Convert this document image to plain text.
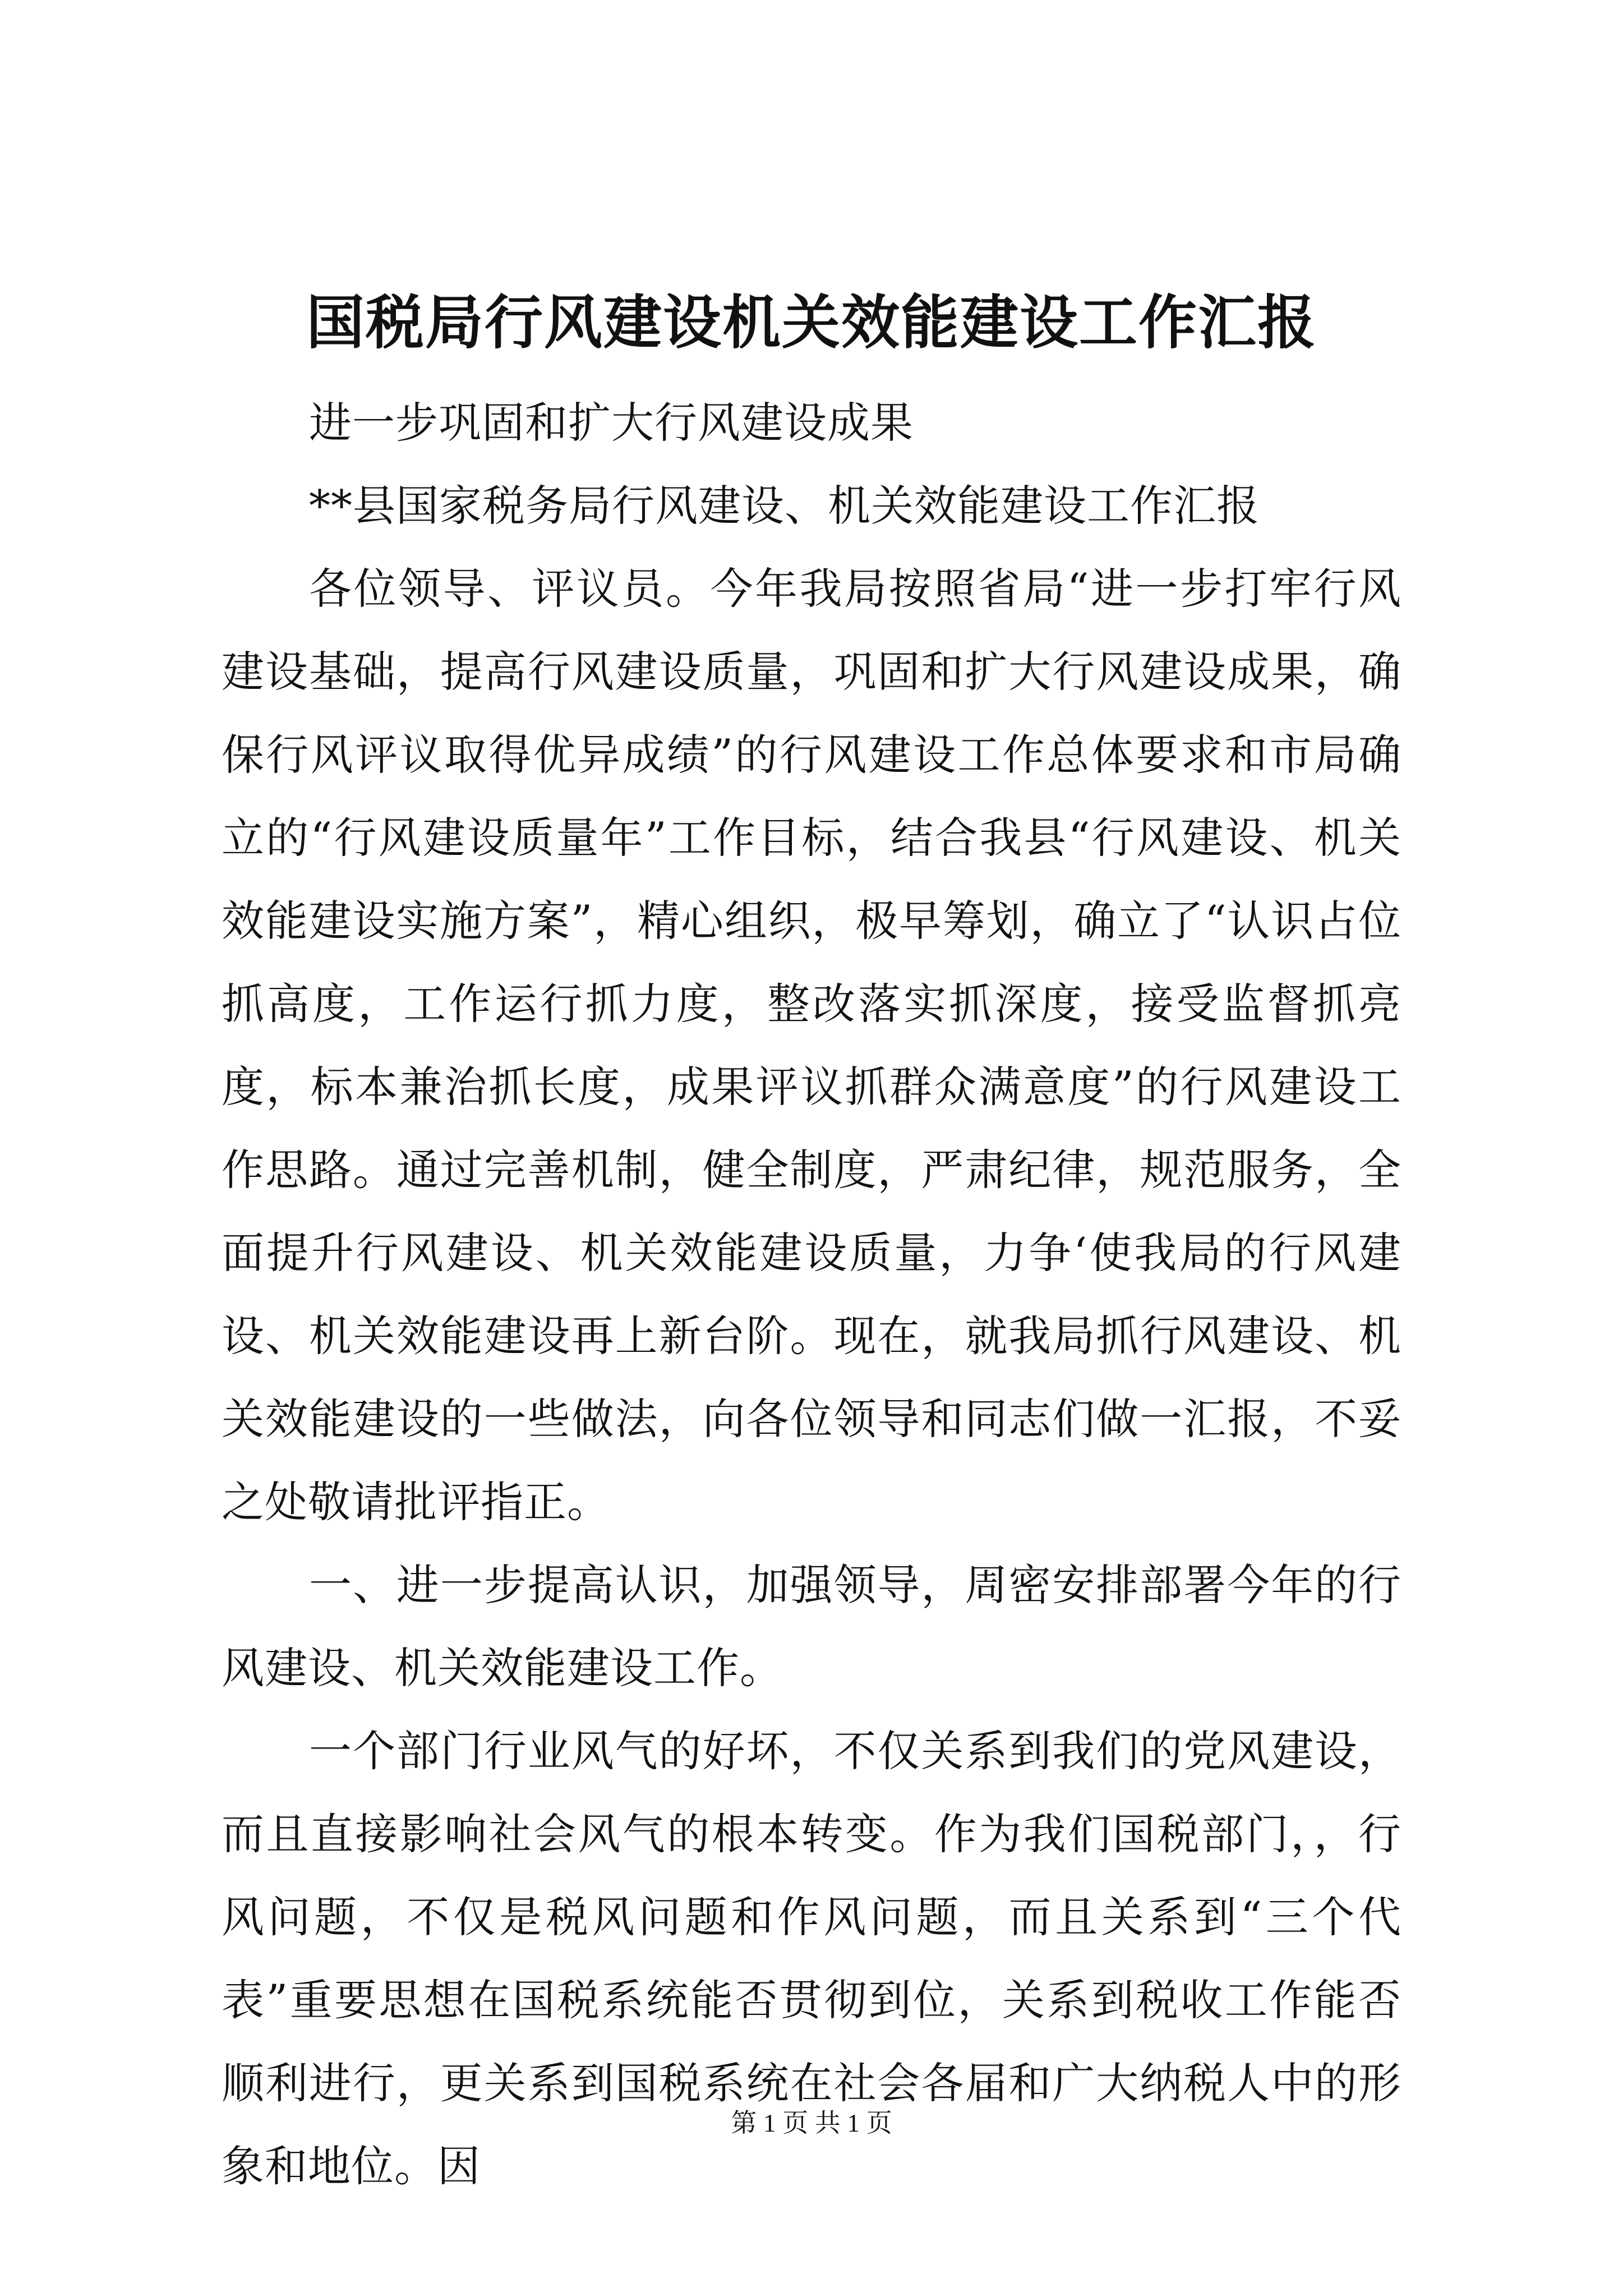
国税局行风建设机关效能建设工作汇报

进一步巩固和扩大行风建设成果

**县国家税务局行风建设、机关效能建设工作汇报

各位领导、评议员。今年我局按照省局“进一步打牢行风建设基础，提高行风建设质量，巩固和扩大行风建设成果，确保行风评议取得优异成绩”的行风建设工作总体要求和市局确立的“行风建设质量年”工作目标，结合我县“行风建设、机关效能建设实施方案”，精心组织，极早筹划，确立了“认识占位抓高度，工作运行抓力度，整改落实抓深度，接受监督抓亮度，标本兼治抓长度，成果评议抓群众满意度”的行风建设工作思路。通过完善机制，健全制度，严肃纪律，规范服务，全面提升行风建设、机关效能建设质量，力争‘使我局的行风建设、机关效能建设再上新台阶。现在，就我局抓行风建设、机关效能建设的一些做法，向各位领导和同志们做一汇报，不妥之处敬请批评指正。

一、进一步提高认识，加强领导，周密安排部署今年的行风建设、机关效能建设工作。

一个部门行业风气的好坏，不仅关系到我们的党风建设，而且直接影响社会风气的根本转变。作为我们国税部门，，行风问题，不仅是税风问题和作风问题，而且关系到“三个代表”重要思想在国税系统能否贯彻到位，关系到税收工作能否顺利进行，更关系到国税系统在社会各届和广大纳税人中的形象和地位。因

第 1 页 共 1 页
